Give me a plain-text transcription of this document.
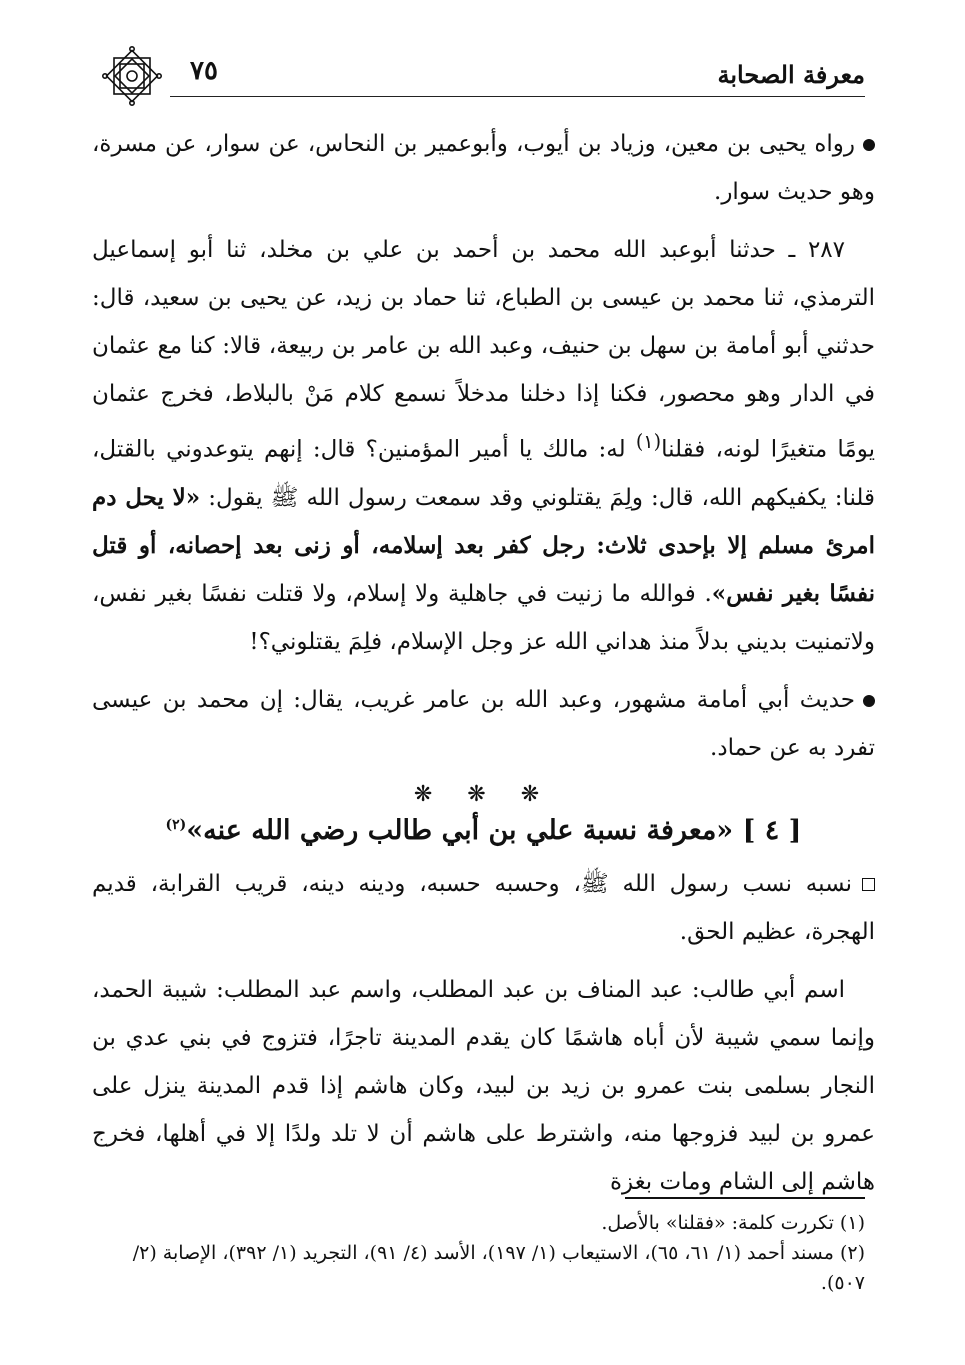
معرفة الصحابة
٧٥

رواه يحيى بن معين، وزياد بن أيوب، وأبوعمير بن النحاس، عن سوار، عن مسرة، وهو حديث سوار.

٢٨٧ ـ حدثنا أبوعبد الله محمد بن أحمد بن علي بن مخلد، ثنا أبو إسماعيل الترمذي، ثنا محمد بن عيسى بن الطباع، ثنا حماد بن زيد، عن يحيى بن سعيد، قال: حدثني أبو أمامة بن سهل بن حنيف، وعبد الله بن عامر بن ربيعة، قالا: كنا مع عثمان في الدار وهو محصور، فكنا إذا دخلنا مدخلاً نسمع كلام مَنْ بالبلاط، فخرج عثمان يومًا متغيرًا لونه، فقلنا$^{(١)}$ له: مالك يا أمير المؤمنين؟ قال: إنهم يتوعدوني بالقتل، قلنا: يكفيكهم الله، قال: ولِمَ يقتلوني وقد سمعت رسول الله ﷺ يقول: «لا يحل دم امرئ مسلم إلا بإحدى ثلاث: رجل كفر بعد إسلامه، أو زنى بعد إحصانه، أو قتل نفسًا بغير نفس». فوالله ما زنيت في جاهلية ولا إسلام، ولا قتلت نفسًا بغير نفس، ولاتمنيت بديني بدلاً منذ هداني الله عز وجل الإسلام، فلِمَ يقتلوني؟!

حديث أبي أمامة مشهور، وعبد الله بن عامر غريب، يقال: إن محمد بن عيسى تفرد به عن حماد.

❋ ❋ ❋
[ ٤ ] «معرفة نسبة علي بن أبي طالب رضي الله عنه»$^{(٢)}$

نسبه نسب رسول الله ﷺ، وحسبه حسبه، ودينه دينه، قريب القرابة، قديم الهجرة، عظيم الحق.

اسم أبي طالب: عبد المناف بن عبد المطلب، واسم عبد المطلب: شيبة الحمد، وإنما سمي شيبة لأن أباه هاشمًا كان يقدم المدينة تاجرًا، فتزوج في بني عدي بن النجار بسلمى بنت عمرو بن زيد بن لبيد، وكان هاشم إذا قدم المدينة ينزل على عمرو بن لبيد فزوجها منه، واشترط على هاشم أن لا تلد ولدًا إلا في أهلها، فخرج هاشم إلى الشام ومات بغزة

(١) تكررت كلمة: «فقلنا» بالأصل.

(٢) مسند أحمد (١/ ٦١، ٦٥)، الاستيعاب (١/ ١٩٧)، الأسد (٤/ ٩١)، التجريد (١/ ٣٩٢)، الإصابة (٢/ ٥٠٧).
